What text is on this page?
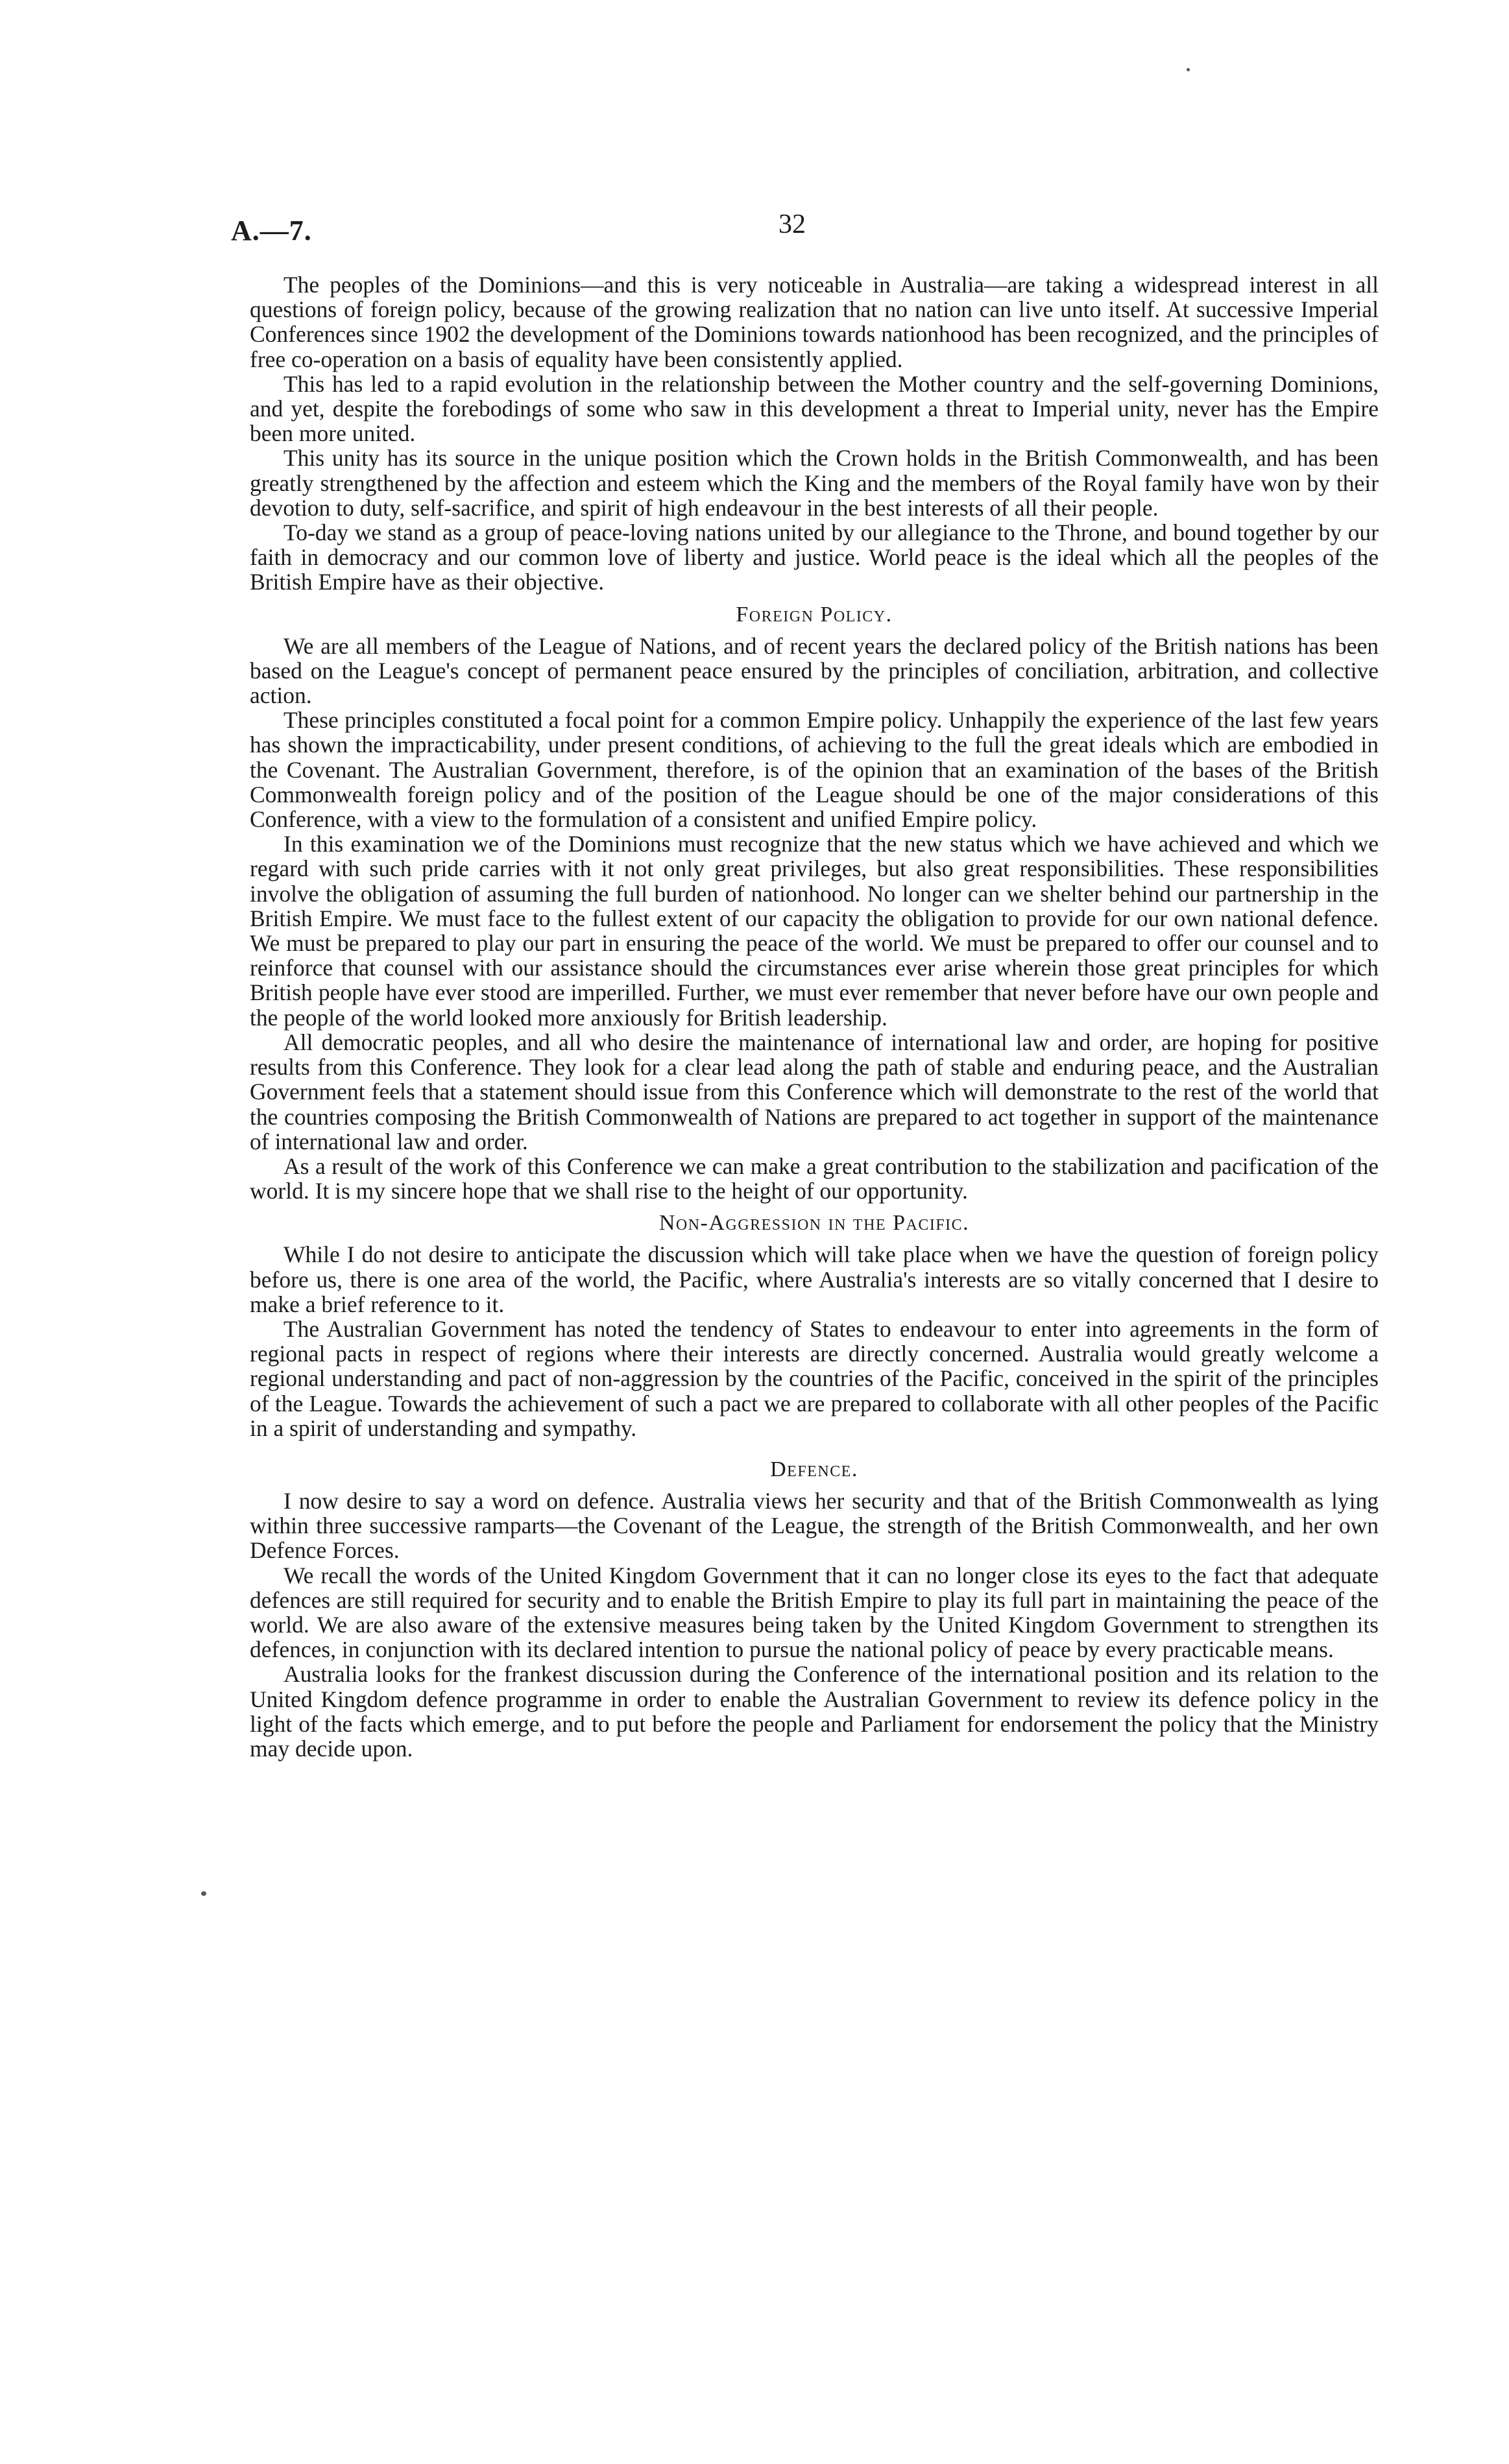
A.—7.	32

The peoples of the Dominions—and this is very noticeable in Australia—are taking a widespread interest in all questions of foreign policy, because of the growing realization that no nation can live unto itself. At successive Imperial Conferences since 1902 the development of the Dominions towards nationhood has been recognized, and the principles of free co-operation on a basis of equality have been consistently applied.

This has led to a rapid evolution in the relationship between the Mother country and the self-governing Dominions, and yet, despite the forebodings of some who saw in this development a threat to Imperial unity, never has the Empire been more united.

This unity has its source in the unique position which the Crown holds in the British Commonwealth, and has been greatly strengthened by the affection and esteem which the King and the members of the Royal family have won by their devotion to duty, self-sacrifice, and spirit of high endeavour in the best interests of all their people.

To-day we stand as a group of peace-loving nations united by our allegiance to the Throne, and bound together by our faith in democracy and our common love of liberty and justice. World peace is the ideal which all the peoples of the British Empire have as their objective.

Foreign Policy.

We are all members of the League of Nations, and of recent years the declared policy of the British nations has been based on the League's concept of permanent peace ensured by the principles of conciliation, arbitration, and collective action.

These principles constituted a focal point for a common Empire policy. Unhappily the experience of the last few years has shown the impracticability, under present conditions, of achieving to the full the great ideals which are embodied in the Covenant. The Australian Government, therefore, is of the opinion that an examination of the bases of the British Commonwealth foreign policy and of the position of the League should be one of the major considerations of this Conference, with a view to the formulation of a consistent and unified Empire policy.

In this examination we of the Dominions must recognize that the new status which we have achieved and which we regard with such pride carries with it not only great privileges, but also great responsibilities. These responsibilities involve the obligation of assuming the full burden of nationhood. No longer can we shelter behind our partnership in the British Empire. We must face to the fullest extent of our capacity the obligation to provide for our own national defence. We must be prepared to play our part in ensuring the peace of the world. We must be prepared to offer our counsel and to reinforce that counsel with our assistance should the circumstances ever arise wherein those great principles for which British people have ever stood are imperilled. Further, we must ever remember that never before have our own people and the people of the world looked more anxiously for British leadership.

All democratic peoples, and all who desire the maintenance of international law and order, are hoping for positive results from this Conference. They look for a clear lead along the path of stable and enduring peace, and the Australian Government feels that a statement should issue from this Conference which will demonstrate to the rest of the world that the countries composing the British Commonwealth of Nations are prepared to act together in support of the maintenance of international law and order.

As a result of the work of this Conference we can make a great contribution to the stabilization and pacification of the world. It is my sincere hope that we shall rise to the height of our opportunity.

Non-Aggression in the Pacific.

While I do not desire to anticipate the discussion which will take place when we have the question of foreign policy before us, there is one area of the world, the Pacific, where Australia's interests are so vitally concerned that I desire to make a brief reference to it.

The Australian Government has noted the tendency of States to endeavour to enter into agreements in the form of regional pacts in respect of regions where their interests are directly concerned. Australia would greatly welcome a regional understanding and pact of non-aggression by the countries of the Pacific, conceived in the spirit of the principles of the League. Towards the achievement of such a pact we are prepared to collaborate with all other peoples of the Pacific in a spirit of understanding and sympathy.

Defence.

I now desire to say a word on defence. Australia views her security and that of the British Commonwealth as lying within three successive ramparts—the Covenant of the League, the strength of the British Commonwealth, and her own Defence Forces.

We recall the words of the United Kingdom Government that it can no longer close its eyes to the fact that adequate defences are still required for security and to enable the British Empire to play its full part in maintaining the peace of the world. We are also aware of the extensive measures being taken by the United Kingdom Government to strengthen its defences, in conjunction with its declared intention to pursue the national policy of peace by every practicable means.

Australia looks for the frankest discussion during the Conference of the international position and its relation to the United Kingdom defence programme in order to enable the Australian Government to review its defence policy in the light of the facts which emerge, and to put before the people and Parliament for endorsement the policy that the Ministry may decide upon.
